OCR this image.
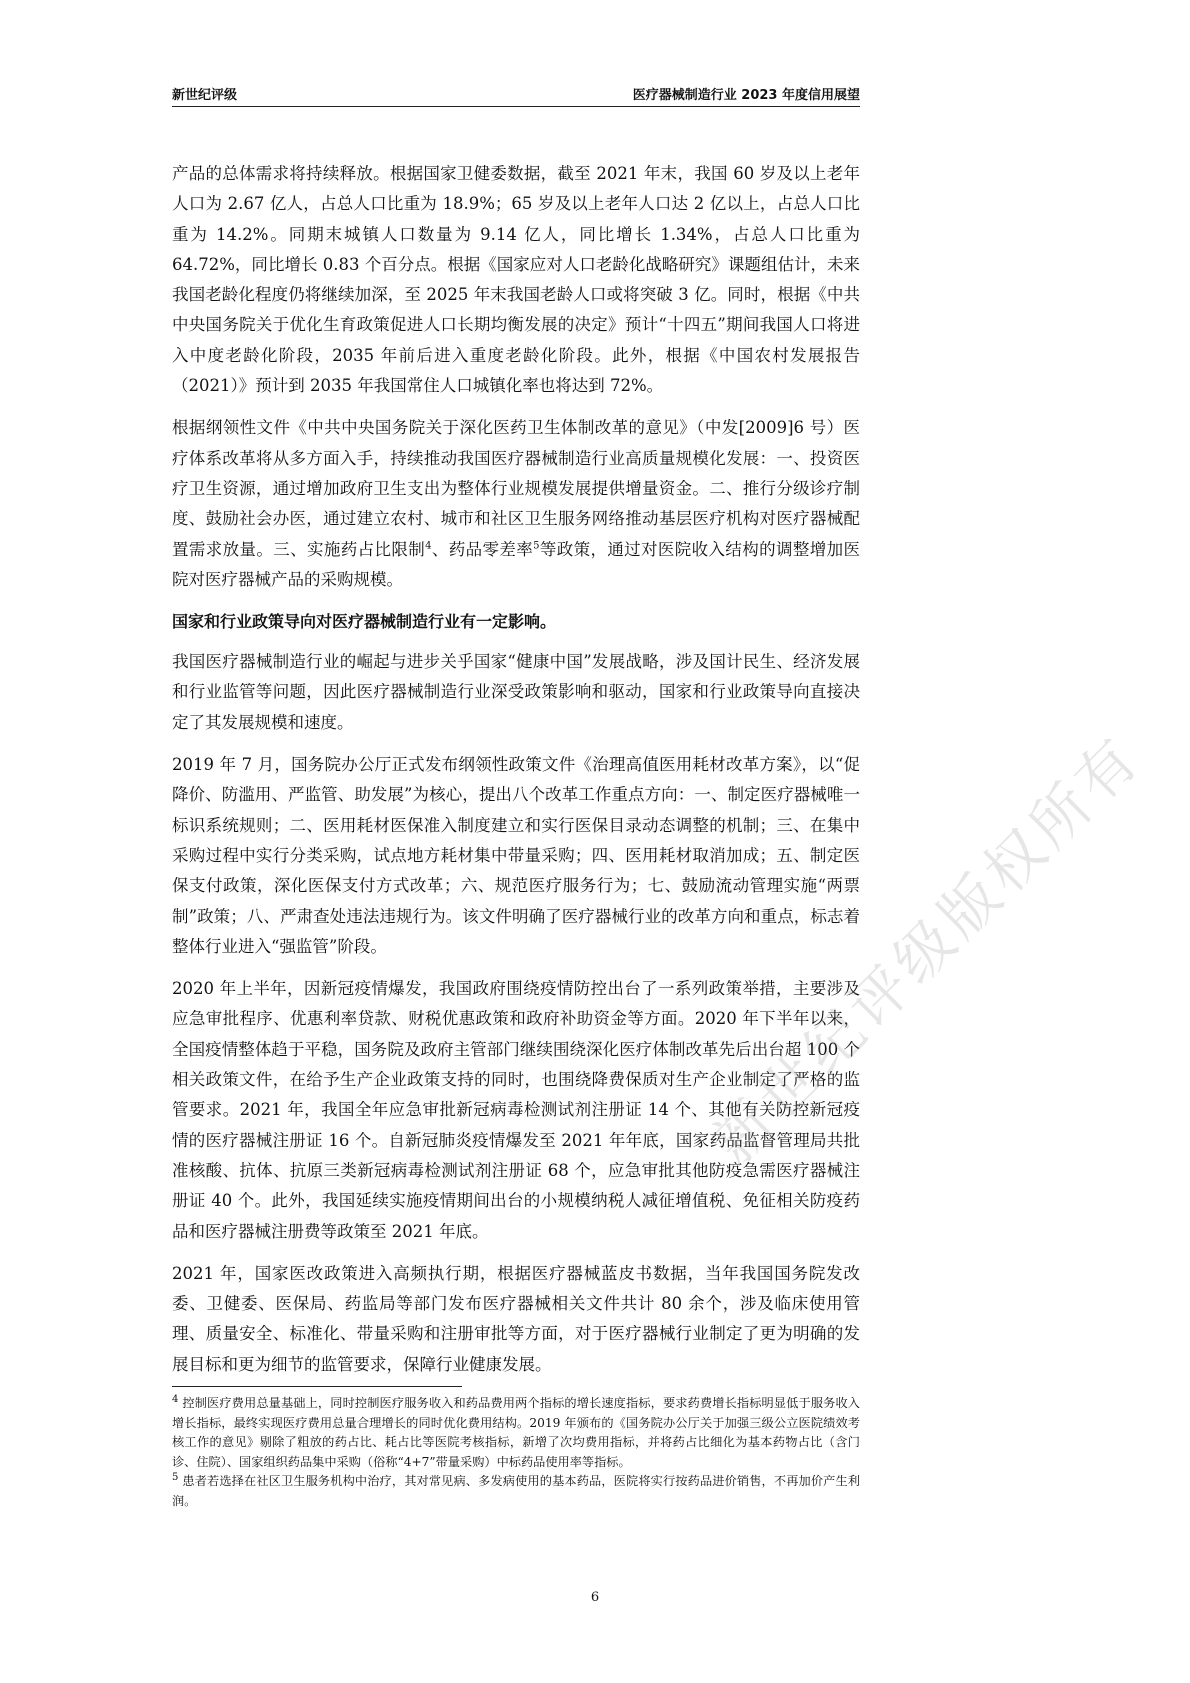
新世纪评级	医疗器械制造行业 2023 年度信用展望

产品的总体需求将持续释放。根据国家卫健委数据，截至 2021 年末，我国 60 岁及以上老年人口为 2.67 亿人，占总人口比重为 18.9%；65 岁及以上老年人口达 2 亿以上，占总人口比重为 14.2%。同期末城镇人口数量为 9.14 亿人，同比增长 1.34%，占总人口比重为 64.72%，同比增长 0.83 个百分点。根据《国家应对人口老龄化战略研究》课题组估计，未来我国老龄化程度仍将继续加深，至 2025 年末我国老龄人口或将突破 3 亿。同时，根据《中共中央国务院关于优化生育政策促进人口长期均衡发展的决定》预计“十四五”期间我国人口将进入中度老龄化阶段，2035 年前后进入重度老龄化阶段。此外，根据《中国农村发展报告（2021）》预计到 2035 年我国常住人口城镇化率也将达到 72%。

根据纲领性文件《中共中央国务院关于深化医药卫生体制改革的意见》（中发[2009]6 号）医疗体系改革将从多方面入手，持续推动我国医疗器械制造行业高质量规模化发展：一、投资医疗卫生资源，通过增加政府卫生支出为整体行业规模发展提供增量资金。二、推行分级诊疗制度、鼓励社会办医，通过建立农村、城市和社区卫生服务网络推动基层医疗机构对医疗器械配置需求放量。三、实施药占比限制$^4$、药品零差率$^5$等政策，通过对医院收入结构的调整增加医院对医疗器械产品的采购规模。

国家和行业政策导向对医疗器械制造行业有一定影响。

我国医疗器械制造行业的崛起与进步关乎国家“健康中国”发展战略，涉及国计民生、经济发展和行业监管等问题，因此医疗器械制造行业深受政策影响和驱动，国家和行业政策导向直接决定了其发展规模和速度。

2019 年 7 月，国务院办公厅正式发布纲领性政策文件《治理高值医用耗材改革方案》，以“促降价、防滥用、严监管、助发展”为核心，提出八个改革工作重点方向：一、制定医疗器械唯一标识系统规则；二、医用耗材医保准入制度建立和实行医保目录动态调整的机制；三、在集中采购过程中实行分类采购，试点地方耗材集中带量采购；四、医用耗材取消加成；五、制定医保支付政策，深化医保支付方式改革；六、规范医疗服务行为；七、鼓励流动管理实施“两票制”政策；八、严肃查处违法违规行为。该文件明确了医疗器械行业的改革方向和重点，标志着整体行业进入“强监管”阶段。

2020 年上半年，因新冠疫情爆发，我国政府围绕疫情防控出台了一系列政策举措，主要涉及应急审批程序、优惠利率贷款、财税优惠政策和政府补助资金等方面。2020 年下半年以来，全国疫情整体趋于平稳，国务院及政府主管部门继续围绕深化医疗体制改革先后出台超 100 个相关政策文件，在给予生产企业政策支持的同时，也围绕降费保质对生产企业制定了严格的监管要求。2021 年，我国全年应急审批新冠病毒检测试剂注册证 14 个、其他有关防控新冠疫情的医疗器械注册证 16 个。自新冠肺炎疫情爆发至 2021 年年底，国家药品监督管理局共批准核酸、抗体、抗原三类新冠病毒检测试剂注册证 68 个，应急审批其他防疫急需医疗器械注册证 40 个。此外，我国延续实施疫情期间出台的小规模纳税人减征增值税、免征相关防疫药品和医疗器械注册费等政策至 2021 年底。

2021 年，国家医改政策进入高频执行期，根据医疗器械蓝皮书数据，当年我国国务院发改委、卫健委、医保局、药监局等部门发布医疗器械相关文件共计 80 余个，涉及临床使用管理、质量安全、标准化、带量采购和注册审批等方面，对于医疗器械行业制定了更为明确的发展目标和更为细节的监管要求，保障行业健康发展。

$^4$ 控制医疗费用总量基础上，同时控制医疗服务收入和药品费用两个指标的增长速度指标，要求药费增长指标明显低于服务收入增长指标，最终实现医疗费用总量合理增长的同时优化费用结构。2019 年颁布的《国务院办公厅关于加强三级公立医院绩效考核工作的意见》剔除了粗放的药占比、耗占比等医院考核指标，新增了次均费用指标，并将药占比细化为基本药物占比（含门诊、住院）、国家组织药品集中采购（俗称“4+7”带量采购）中标药品使用率等指标。

$^5$ 患者若选择在社区卫生服务机构中治疗，其对常见病、多发病使用的基本药品，医院将实行按药品进价销售，不再加价产生利润。

6
新世纪评级版权所有
